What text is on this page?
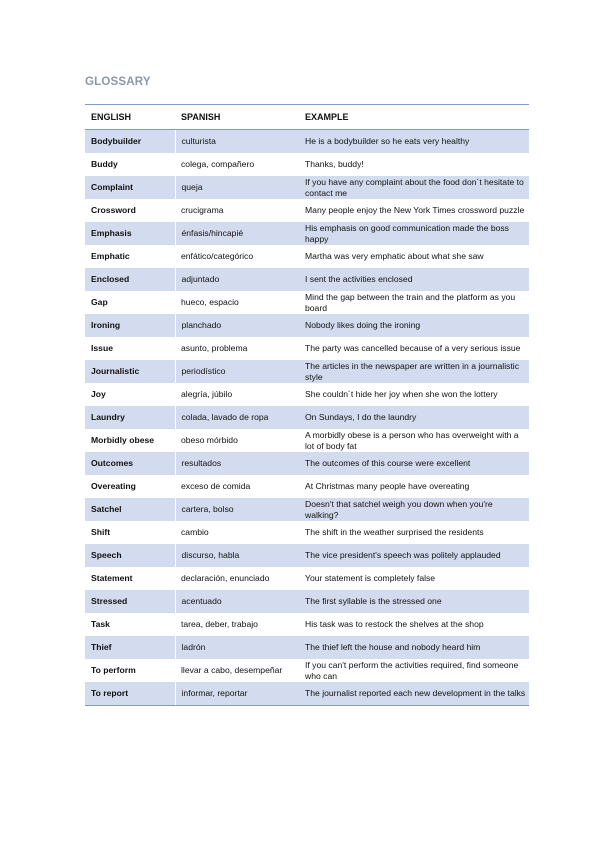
GLOSSARY
ENGLISH	SPANISH	EXAMPLE
Bodybuilder	culturista	He is a bodybuilder so he eats very healthy
Buddy	colega, compañero	Thanks, buddy!
Complaint	queja	If you have any complaint about the food don´t hesitate to contact me
Crossword	crucigrama	Many people enjoy the New York Times crossword puzzle
Emphasis	énfasis/hincapié	His emphasis on good communication made the boss happy
Emphatic	enfático/categórico	Martha was very emphatic about what she saw
Enclosed	adjuntado	I sent the activities enclosed
Gap	hueco, espacio	Mind the gap between the train and the platform as you board
Ironing	planchado	Nobody likes doing the ironing
Issue	asunto, problema	The party was cancelled because of a very serious issue
Journalistic	periodístico	The articles in the newspaper are written in a journalistic style
Joy	alegría, júbilo	She couldn´t hide her joy when she won the lottery
Laundry	colada, lavado de ropa	On Sundays, I do the laundry
Morbidly obese	obeso mórbido	A morbidly obese is a person who has overweight with a lot of body fat
Outcomes	resultados	The outcomes of this course were excellent
Overeating	exceso de comida	At Christmas many people have overeating
Satchel	cartera, bolso	Doesn't that satchel weigh you down when you're walking?
Shift	cambio	The shift in the weather surprised the residents
Speech	discurso, habla	The vice president's speech was politely applauded
Statement	declaración, enunciado	Your statement is completely false
Stressed	acentuado	The first syllable is the stressed one
Task	tarea, deber, trabajo	His task was to restock the shelves at the shop
Thief	ladrón	The thief left the house and nobody heard him
To perform	llevar a cabo, desempeñar	If you can't perform the activities required, find someone who can
To report	informar, reportar	The journalist reported each new development in the talks
